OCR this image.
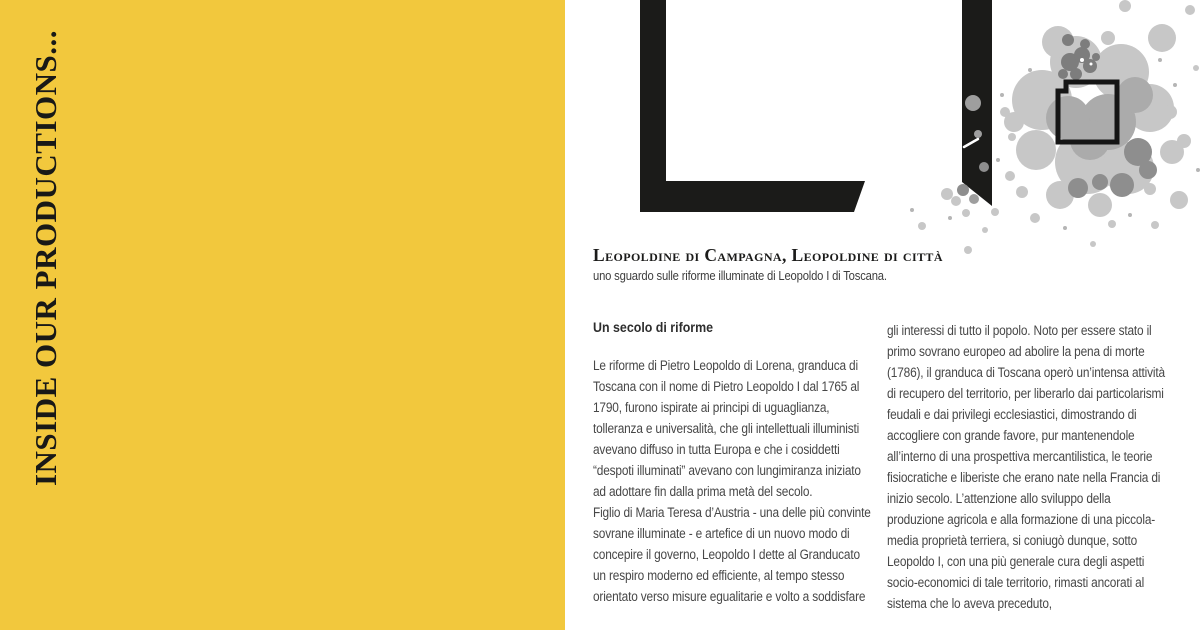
INSIDE OUR PRODUCTIONS...	Leopoldine di Campagna, Leopoldine di città
uno sguardo sulle riforme illuminate di Leopoldo I di Toscana.
Un secolo di riforme

Le riforme di Pietro Leopoldo di Lorena, granduca di Toscana con il nome di Pietro Leopoldo I dal 1765 al 1790, furono ispirate ai principi di uguaglianza, tolleranza e universalità, che gli intellettuali illuministi avevano diffuso in tutta Europa e che i cosiddetti “despoti illuminati” avevano con lungimiranza iniziato ad adottare fin dalla prima metà del secolo.

Figlio di Maria Teresa d’Austria - una delle più convinte sovrane illuminate - e artefice di un nuovo modo di concepire il governo, Leopoldo I dette al Granducato un respiro moderno ed efficiente, al tempo stesso orientato verso misure egualitarie e volto a soddisfare

gli interessi di tutto il popolo. Noto per essere stato il primo sovrano europeo ad abolire la pena di morte (1786), il granduca di Toscana operò un’intensa attività di recupero del territorio, per liberarlo dai particolarismi feudali e dai privilegi ecclesiastici, dimostrando di accogliere con grande favore, pur mantenendole all’interno di una prospettiva mercantilistica, le teorie fisiocratiche e liberiste che erano nate nella Francia di inizio secolo. L’attenzione allo sviluppo della produzione agricola e alla formazione di una piccola-media proprietà terriera, si coniugò dunque, sotto Leopoldo I, con una più generale cura degli aspetti socio-economici di tale territorio, rimasti ancorati al sistema che lo aveva preceduto,
